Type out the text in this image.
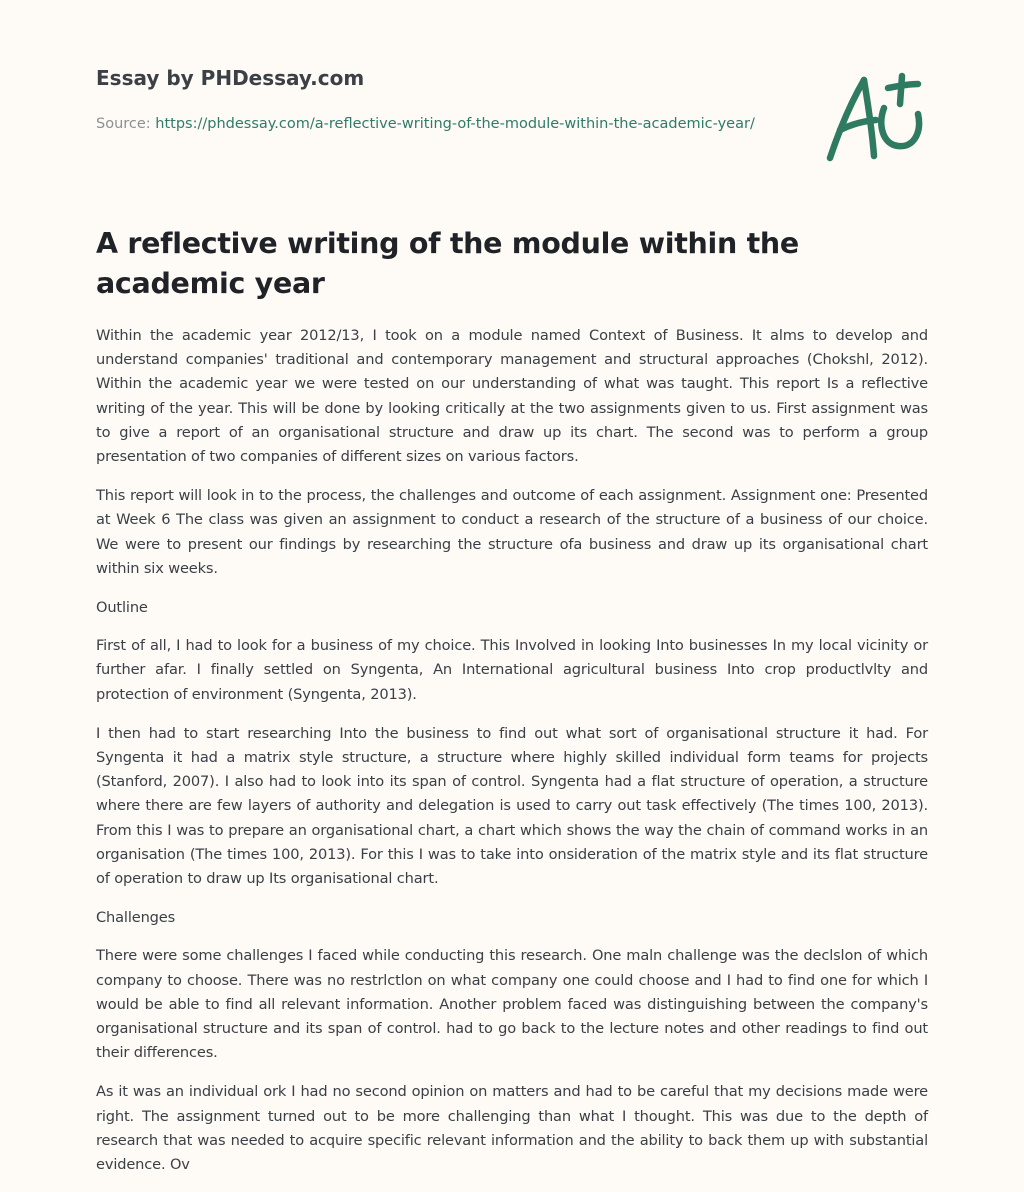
Essay by PHDessay.com
Source: https://phdessay.com/a-reflective-writing-of-the-module-within-the-academic-year/
A reflective writing of the module within the academic year

Within the academic year 2012/13, I took on a module named Context of Business. It alms to develop and understand companies' traditional and contemporary management and structural approaches (Chokshl, 2012). Within the academic year we were tested on our understanding of what was taught. This report Is a reflective writing of the year. This will be done by looking critically at the two assignments given to us. First assignment was to give a report of an organisational structure and draw up its chart. The second was to perform a group presentation of two companies of different sizes on various factors.

This report will look in to the process, the challenges and outcome of each assignment. Assignment one: Presented at Week 6 The class was given an assignment to conduct a research of the structure of a business of our choice. We were to present our findings by researching the structure ofa business and draw up its organisational chart within six weeks.

Outline

First of all, I had to look for a business of my choice. This Involved in looking Into businesses In my local vicinity or further afar. I finally settled on Syngenta, An International agricultural business Into crop productlvlty and protection of environment (Syngenta, 2013).

I then had to start researching Into the business to find out what sort of organisational structure it had. For Syngenta it had a matrix style structure, a structure where highly skilled individual form teams for projects (Stanford, 2007). I also had to look into its span of control. Syngenta had a flat structure of operation, a structure where there are few layers of authority and delegation is used to carry out task effectively (The times 100, 2013). From this I was to prepare an organisational chart, a chart which shows the way the chain of command works in an organisation (The times 100, 2013). For this I was to take into onsideration of the matrix style and its flat structure of operation to draw up Its organisational chart.

Challenges

There were some challenges I faced while conducting this research. One maln challenge was the declslon of which company to choose. There was no restrlctlon on what company one could choose and I had to find one for which I would be able to find all relevant information. Another problem faced was distinguishing between the company's organisational structure and its span of control. had to go back to the lecture notes and other readings to find out their differences.

As it was an individual ork I had no second opinion on matters and had to be careful that my decisions made were right. The assignment turned out to be more challenging than what I thought. This was due to the depth of research that was needed to acquire specific relevant information and the ability to back them up with substantial evidence. Ov
